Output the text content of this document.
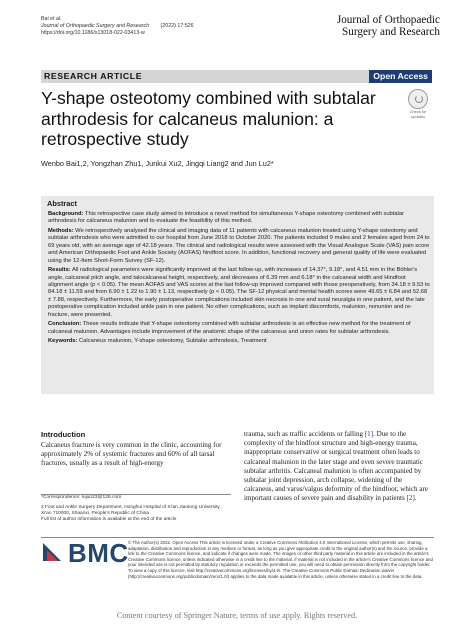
Bai et al.
Journal of Orthopaedic Surgery and Research (2022) 17:526
https://doi.org/10.1186/s13018-022-03413-w
Journal of Orthopaedic
Surgery and Research
RESEARCH ARTICLE	Open Access
Y-shape osteotomy combined with subtalar arthrodesis for calcaneus malunion: a retrospective study
Check for
updates
Wenbo Bai1,2, Yongzhan Zhu1, Junkui Xu2, Jingqi Liang2 and Jun Lu2*
Abstract

Background: This retrospective case study aimed to introduce a novel method for simultaneous Y-shape osteotomy combined with subtalar arthrodesis for calcaneus malunion and to evaluate the feasibility of this method.

Methods: We retrospectively analysed the clinical and imaging data of 11 patients with calcaneus malunion treated using Y-shape osteotomy and subtalar arthrodesis who were admitted to our hospital from June 2018 to October 2020. The patients included 9 males and 2 females aged from 24 to 69 years old, with an average age of 42.18 years. The clinical and radiological results were assessed with the Visual Analogue Scale (VAS) pain score and American Orthopaedic Foot and Ankle Society (AOFAS) hindfoot score. In addition, functional recovery and general quality of life were evaluated using the 12-Item Short-Form Survey (SF-12).

Results: All radiological parameters were significantly improved at the last follow-up, with increases of 14.37°, 9.18°, and 4.51 mm in the Böhler's angle, calcaneal pitch angle, and talocalcaneal height, respectively, and decreases of 6.39 mm and 6.18° in the calcaneal width and Hindfoot alignment angle (p < 0.05). The mean AOFAS and VAS scores at the last follow-up improved compared with those preoperatively, from 34.18 ± 9.53 to 84.18 ± 11.59 and from 6.90 ± 1.22 to 1.90 ± 1.13, respectively (p < 0.05). The SF-12 physical and mental health scores were 49.65 ± 6.84 and 52.68 ± 7.88, respectively. Furthermore, the early postoperative complications included skin necrosis in one and sural neuralgia in one patient, and the late postoperative complication included ankle pain in one patient. No other complications, such as implant discomforts, malunion, nonunion and re-fracture, were presented.

Conclusion: These results indicate that Y-shape osteotomy combined with subtalar arthrodesis is an effective new method for the treatment of calcaneal malunion. Advantages include improvement of the anatomic shape of the calcaneus and union rates for subtalar arthrodesis.

Keywords: Calcaneus malunion, Y-shape osteotomy, Subtalar arthrodesis, Treatment

Introduction
Calcaneus fracture is very common in the clinic, accounting for approximately 2% of systemic fractures and 60% of all tarsal fractures, usually as a result of high-energy
trauma, such as traffic accidents or falling [1]. Due to the complexity of the hindfoot structure and high-energy trauma, inappropriate conservative or surgical treatment often leads to calcaneal malunion in the later stage and even severe traumatic subtalar arthritis. Calcaneal malunion is often accompanied by subtalar joint depression, arch collapse, widening of the calcaneus, and varus/valgus deformity of the hindfoot, which are important causes of severe pain and disability in patients [2].
*Correspondence: lujun23@126.com
2 Foot and Ankle Surgery Department, Honghui Hospital of Xi'an Jiaotong University, Xi'an 710000, Shaanxi, People's Republic of China
Full list of author information is available at the end of the article
BMC © The Author(s) 2022. Open Access This article is licensed under a Creative Commons Attribution 4.0 International License, which permits use, sharing, adaptation, distribution and reproduction in any medium or format, as long as you give appropriate credit to the original author(s) and the source, provide a link to the Creative Commons licence, and indicate if changes were made. The images or other third party material in this article are included in the article's Creative Commons licence, unless indicated otherwise in a credit line to the material. If material is not included in the article's Creative Commons licence and your intended use is not permitted by statutory regulation or exceeds the permitted use, you will need to obtain permission directly from the copyright holder. To view a copy of this licence, visit http://creativecommons.org/licenses/by/4.0/. The Creative Commons Public Domain Dedication waiver (http://creativecommons.org/publicdomain/zero/1.0/) applies to the data made available in this article, unless otherwise stated in a credit line to the data.
Content courtesy of Springer Nature, terms of use apply. Rights reserved.
